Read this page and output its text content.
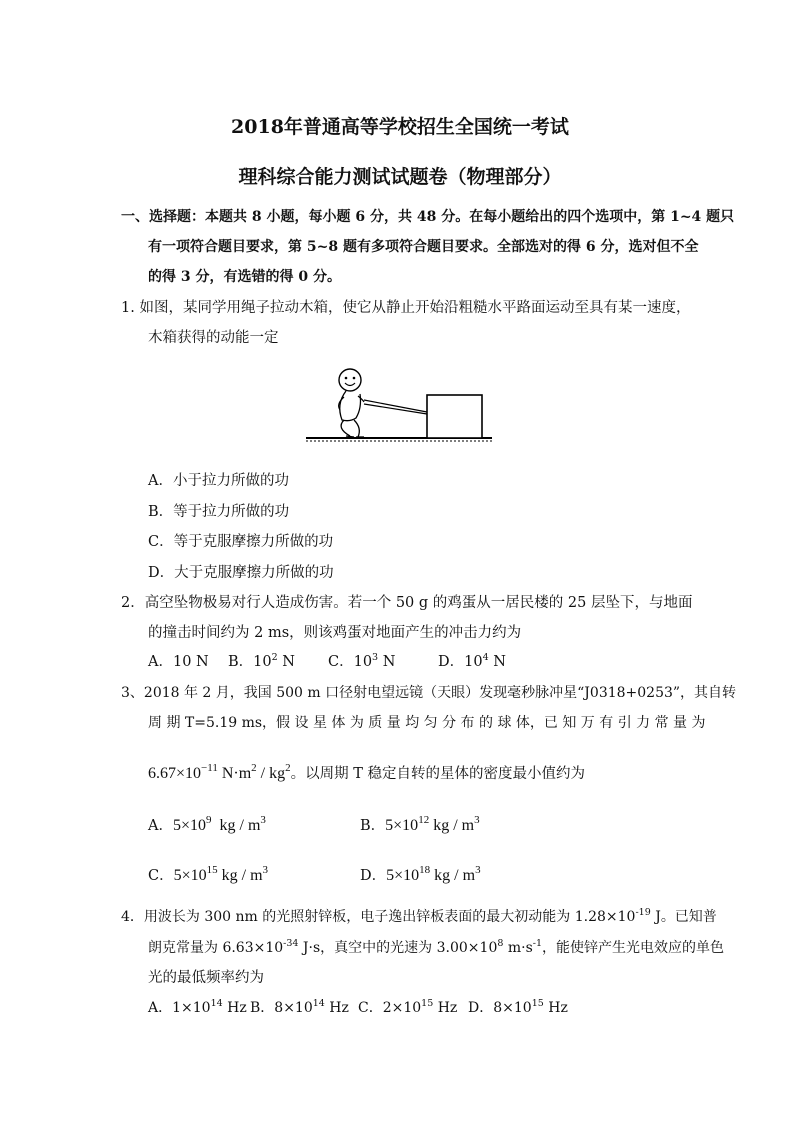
2018年普通高等学校招生全国统一考试
理科综合能力测试试题卷（物理部分）
一、选择题：本题共 8 小题，每小题 6 分，共 48 分。在每小题给出的四个选项中，第 1~4 题只
有一项符合题目要求，第 5~8 题有多项符合题目要求。全部选对的得 6 分，选对但不全
的得 3 分，有选错的得 0 分。
1. 如图，某同学用绳子拉动木箱，使它从静止开始沿粗糙水平路面运动至具有某一速度，
木箱获得的动能一定
A．小于拉力所做的功
B．等于拉力所做的功
C．等于克服摩擦力所做的功
D．大于克服摩擦力所做的功
2．高空坠物极易对行人造成伤害。若一个 50 g 的鸡蛋从一居民楼的 25 层坠下，与地面
的撞击时间约为 2 ms，则该鸡蛋对地面产生的冲击力约为
A．10 N B．$10^2$ N C．$10^3$ N	D．$10^4$ N
3、2018 年 2 月，我国 500 m 口径射电望远镜（天眼）发现毫秒脉冲星“J0318+0253”，其自转
周 期 T=5.19 ms，假 设 星 体 为 质 量 均 匀 分 布 的 球 体，已 知 万 有 引 力 常 量 为
$6.67\times 10^{-11}$ $N\cdot m^2 / kg^2$。以周期 T 稳定自转的星体的密度最小值约为
A．$5\times 10^9$ kg / $m^3$	B．$5\times 10^{12}$ kg / $m^3$
C．$5\times 10^{15}$ kg / $m^3$	D．$5\times 10^{18}$ kg / $m^3$
4．用波长为 300 nm 的光照射锌板，电子逸出锌板表面的最大初动能为 $1.28\times 10^{-19}$ J。已知普
朗克常量为 $6.63\times 10^{-34}$ J·s，真空中的光速为 $3.00\times 10^8$ $m\cdot s^{-1}$，能使锌产生光电效应的单色
光的最低频率约为
A．$1\times 10^{14}$ Hz B．$8\times 10^{14}$ Hz C．$2\times 10^{15}$ Hz D．$8\times 10^{15}$ Hz
